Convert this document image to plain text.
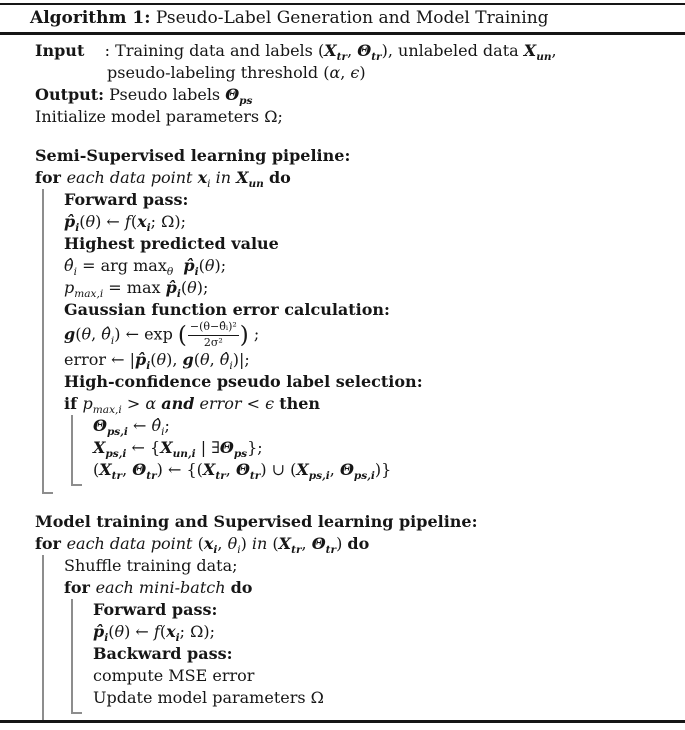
Algorithm 1: Pseudo-Label Generation and Model Training
Input    : Training data and labels ($X_{tr}$, $\Theta_{tr}$), unlabeled data $X_{un}$,
pseudo-labeling threshold (α, ϵ)
Output: Pseudo labels $\Theta_{ps}$
Initialize model parameters Ω;
Semi-Supervised learning pipeline:
for each data point $x_i$ in $X_{un}$ do
Forward pass:
$p̂_i(\theta)$ ← $f(x_i$; Ω);
Highest predicted value
$\thetâ_i$ = arg $\max_\theta$ $p̂_i(\theta)$;
$p_{max,i} = \max$ $p̂_i(\theta)$;
Gaussian function error calculation:
g(θ, $\thetâ_i$) ← exp ( $\frac{\text{−(θ−θ̂ᵢ)²}}{\text{2σ²}}$ ) ;
error ← $|p̂_i(\theta)$, g(θ, $\thetâ_i)|$;
High-confidence pseudo label selection:
if $p_{max,i} > \alpha$ and error < ϵ then
$\Theta_{ps,i}$ ← $\thetâ_i$;
$X_{ps,i}$ ← {$X_{un,i}$ | $\exists\Theta_{ps}$};
($X_{tr}$, $\Theta_{tr}$) ← {($X_{tr}$, $\Theta_{tr}$) ∪ ($X_{ps,i}$, $\Theta_{ps,i}$)}
Model training and Supervised learning pipeline:
for each data point ($x_i$, $\theta_i$) in ($X_{tr}$, $\Theta_{tr}$) do
Shuffle training data;
for each mini-batch do
Forward pass:
$p̂_i(\theta)$ ← $f(x_i$; Ω);
Backward pass:
compute MSE error
Update model parameters Ω
